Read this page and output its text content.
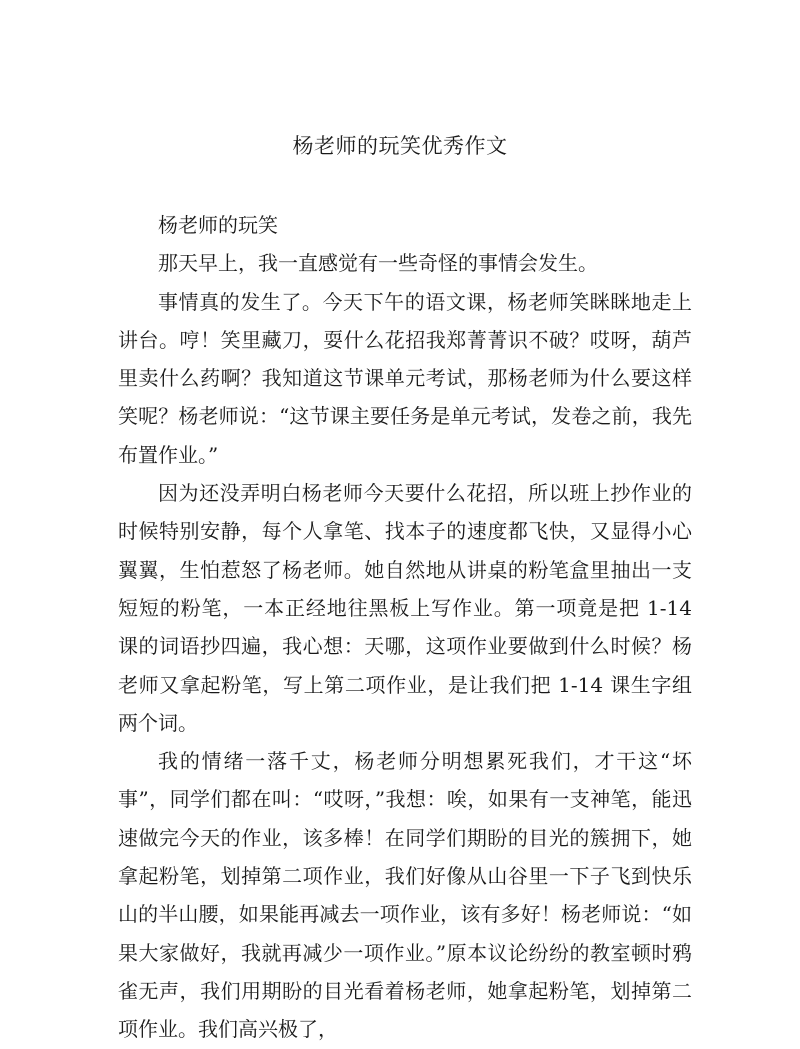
杨老师的玩笑优秀作文

杨老师的玩笑

那天早上，我一直感觉有一些奇怪的事情会发生。

事情真的发生了。今天下午的语文课，杨老师笑眯眯地走上讲台。哼！笑里藏刀，耍什么花招我郑菁菁识不破？哎呀，葫芦里卖什么药啊？我知道这节课单元考试，那杨老师为什么要这样笑呢？杨老师说：“这节课主要任务是单元考试，发卷之前，我先布置作业。”

因为还没弄明白杨老师今天要什么花招，所以班上抄作业的时候特别安静，每个人拿笔、找本子的速度都飞快，又显得小心翼翼，生怕惹怒了杨老师。她自然地从讲桌的粉笔盒里抽出一支短短的粉笔，一本正经地往黑板上写作业。第一项竟是把 1-14 课的词语抄四遍，我心想：天哪，这项作业要做到什么时候？杨老师又拿起粉笔，写上第二项作业，是让我们把 1-14 课生字组两个词。

我的情绪一落千丈，杨老师分明想累死我们，才干这“坏事”，同学们都在叫：“哎呀，”我想：唉，如果有一支神笔，能迅速做完今天的作业，该多棒！在同学们期盼的目光的簇拥下，她拿起粉笔，划掉第二项作业，我们好像从山谷里一下子飞到快乐山的半山腰，如果能再减去一项作业，该有多好！杨老师说：“如果大家做好，我就再减少一项作业。”原本议论纷纷的教室顿时鸦雀无声，我们用期盼的目光看着杨老师，她拿起粉笔，划掉第二项作业。我们高兴极了，
